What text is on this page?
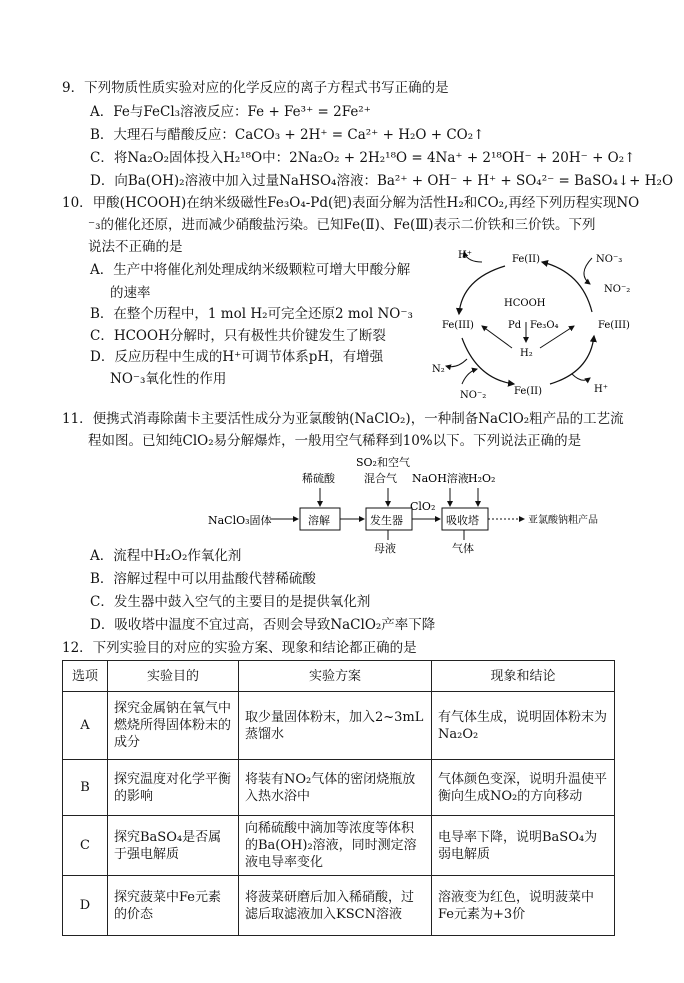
9．下列物质性质实验对应的化学反应的离子方程式书写正确的是
A．Fe与FeCl₃溶液反应：Fe + Fe³⁺ = 2Fe²⁺
B．大理石与醋酸反应：CaCO₃ + 2H⁺ = Ca²⁺ + H₂O + CO₂↑
C．将Na₂O₂固体投入H₂¹⁸O中：2Na₂O₂ + 2H₂¹⁸O = 4Na⁺ + 2¹⁸OH⁻ + 20H⁻ + O₂↑
D．向Ba(OH)₂溶液中加入过量NaHSO₄溶液：Ba²⁺ + OH⁻ + H⁺ + SO₄²⁻ = BaSO₄↓+ H₂O
10．甲酸(HCOOH)在纳米级磁性Fe₃O₄-Pd(钯)表面分解为活性H₂和CO₂,再经下列历程实现NO
⁻₃的催化还原，进而减少硝酸盐污染。已知Fe(Ⅱ)、Fe(Ⅲ)表示二价铁和三价铁。下列
说法不正确的是
A．生产中将催化剂处理成纳米级颗粒可增大甲酸分解
的速率
B．在整个历程中，1 mol H₂可完全还原2 mol NO⁻₃
C．HCOOH分解时，只有极性共价键发生了断裂
D．反应历程中生成的H⁺可调节体系pH，有增强
NO⁻₃氧化性的作用
Fe(II)
Fe(III)	Fe(III)
Fe(II)
HCOOH
Pd Fe₃O₄
H₂
H⁺
H⁺
NO⁻₃
NO⁻₂
N₂
NO⁻₂
11．便携式消毒除菌卡主要活性成分为亚氯酸钠(NaClO₂)，一种制备NaClO₂粗产品的工艺流
程如图。已知纯ClO₂易分解爆炸，一般用空气稀释到10%以下。下列说法正确的是
NaClO₃固体	溶解
稀硫酸
发生器
SO₂和空气
混合气
母液
ClO₂
吸收塔
NaOH溶液 H₂O₂
气体
亚氯酸钠粗产品
A．流程中H₂O₂作氧化剂
B．溶解过程中可以用盐酸代替稀硫酸
C．发生器中鼓入空气的主要目的是提供氧化剂
D．吸收塔中温度不宜过高，否则会导致NaClO₂产率下降
12．下列实验目的对应的实验方案、现象和结论都正确的是
选项	实验目的	实验方案	现象和结论
A	探究金属钠在氧气中燃烧所得固体粉末的成分	取少量固体粉末，加入2~3mL蒸馏水	有气体生成，说明固体粉末为Na₂O₂
B	探究温度对化学平衡的影响	将装有NO₂气体的密闭烧瓶放入热水浴中	气体颜色变深，说明升温使平衡向生成NO₂的方向移动
C	探究BaSO₄是否属于强电解质	向稀硫酸中滴加等浓度等体积的Ba(OH)₂溶液，同时测定溶液电导率变化	电导率下降，说明BaSO₄为弱电解质
D	探究菠菜中Fe元素的价态	将菠菜研磨后加入稀硝酸，过滤后取滤液加入KSCN溶液	溶液变为红色，说明菠菜中Fe元素为+3价
